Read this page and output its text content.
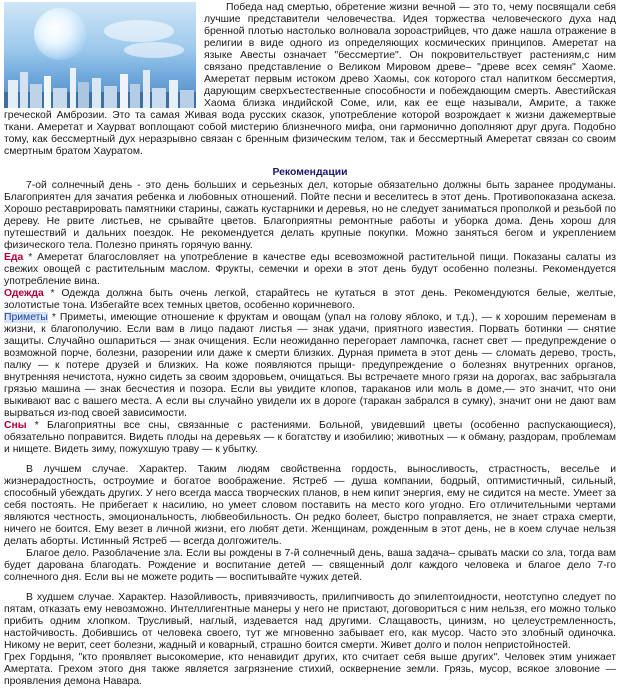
Победа над смертью, обретение жизни вечной — это то, чему посвящали себя лучшие представители человечества. Идея торжества человеческого духа над бренной плотью настолько волновала зороастрийцев, что даже нашла отражение в религии в виде одного из определяющих космических принципов. Амеретат на языке Авесты означает "бессмертие". Он покровительствует растениям,с ним связано представление о Великом Мировом древе– "древе всех семян" Хаоме. Амеретат первым истоком древо Хаомы, сок которого стал напитком бессмертия, дарующим сверхъестественные способности и побеждающим смерть. Авестийская Хаома близка индийской Соме, или, как ее еще называли, Амрите, а также греческой Амброзии. Это та самая Живая вода русских сказок, употребление которой возрождает к жизни дажемертвые ткани. Амеретат и Хаурват воплощают собой мистерию близнечного мифа, они гармонично дополняют друг друга. Подобно тому, как бессмертный дух неразрывно связан с бренным физическим телом, так и бессмертный Амеретат связан со своим смертным братом Хауратом.

Рекомендации

7-ой солнечный день - это день больших и серьезных дел, которые обязательно должны быть заранее продуманы. Благоприятен для зачатия ребенка и любовных отношений. Пойте песни и веселитесь в этот день. Противопоказана аскеза. Хорошо реставрировать памятники старины, сажать кустарники и деревья, но не следует заниматься прополкой и резьбой по дереву. Не рвите листьев, не срывайте цветов. Благоприятны ремонтные работы и уборка дома. День хорош для путешествий и дальних поездок. Не рекомендуется делать крупные покупки. Можно заняться бегом и укреплением физического тела. Полезно принять горячую ванну.

Еда * Амеретат благословляет на употребление в качестве еды всевозможной растительной пищи. Показаны салаты из свежих овощей с растительным маслом. Фрукты, семечки и орехи в этот день будут особенно полезны. Рекомендуется употребление вина.

Одежда * Одежда должна быть очень легкой, старайтесь не кутаться в этот день. Рекомендуются белые, желтые, золотистые тона. Избегайте всех темных цветов, особенно коричневого.

Приметы * Приметы, имеющие отношение к фруктам и овощам (упал на голову яблоко, и т.д.), — к хорошим переменам в жизни, к благополучию. Если вам в лицо падают листья — знак удачи, приятного известия. Порвать ботинки — снятие защиты. Случайно ошпариться — знак очищения. Если неожиданно перегорает лампочка, гаснет свет — предупреждение о возможной порче, болезни, разорении или даже к смерти близких. Дурная примета в этот день — сломать дерево, трость, палку — к потере друзей и близких. На коже появляются прыщи- предупреждение о болезнях внутренних органов, внутренняя нечистота, нужно сидеть за своим здоровьем, очищаться. Вы встречаете много грязи на дорогах, вас забрызгала грязью машина — знак бесчестия и позора. Если вы увидите клопов, тараканов или моль в доме,— это значит, что они выкивают вас с вашего места. А если вы случайно увидели их в дороге (таракан забрался в сумку), значит они не дают вам вырваться из-под своей зависимости.

Сны * Благоприятны все сны, связанные с растениями. Больной, увидевший цветы (особенно распускающиеся), обязательно поправится. Видеть плоды на деревьях — к богатству и изобилию; животных — к обману, раздорам, проблемам и нищете. Видеть зиму, пожухшую траву — к убытку.

В лучшем случае. Характер. Таким людям свойственна гордость, выносливость, страстность, веселье и жизнерадостность, остроумие и богатое воображение. Ястреб — душа компании, бодрый, оптимистичный, сильный, способный убеждать других. У него всегда масса творческих планов, в нем кипит энергия, ему не сидится на месте. Умеет за себя постоять. Не прибегает к насилию, но умеет словом поставить на место кого угодно. Его отличительными чертами являются честность, эмоциональность, любвеобильность. Он редко болеет, быстро поправляется, не знает страха смерти, ничего не боится. Ему везет в личной жизни, его любят дети. Женщинам, рожденным в этот день, не в коем случае нельзя делать аборты. Истинный Ястреб — всегда долгожитель.

Благое дело. Разоблачение зла. Если вы рождены в 7-й солнечный день, ваша задача– срывать маски со зла, тогда вам будет дарована благодать. Рождение и воспитание детей — священный долг каждого человека и благое дело 7-го солнечного дня. Если вы не можете родить — воспитывайте чужих детей.

В худшем случае. Характер. Назойливость, привязчивость, прилипчивость до эпилептоидности, неотступно следует по пятам, отказать ему невозможно. Интеллигентные манеры у него не пристают, договориться с ним нельзя, его можно только прибить одним хлопком. Трусливый, наглый, издевается над другими. Слащавость, цинизм, но целеустремленность, настойчивость. Добившись от человека своего, тут же мгновенно забывает его, как мусор. Часто это злобный одиночка. Никому не верит, сеет болезни, жадный и коварный, страшно боится смерти. Живет долго и полон непристойностей.

Грех Гордыня, "кто проявляет высокомерие, кто ненавидит других, кто считает себя выше других". Человек этим унижает Амертата. Грехом этого дня также является загрязнение стихий, осквернение земли. Грязь, мусор, всякое зловоние — проявления демона Навара.
